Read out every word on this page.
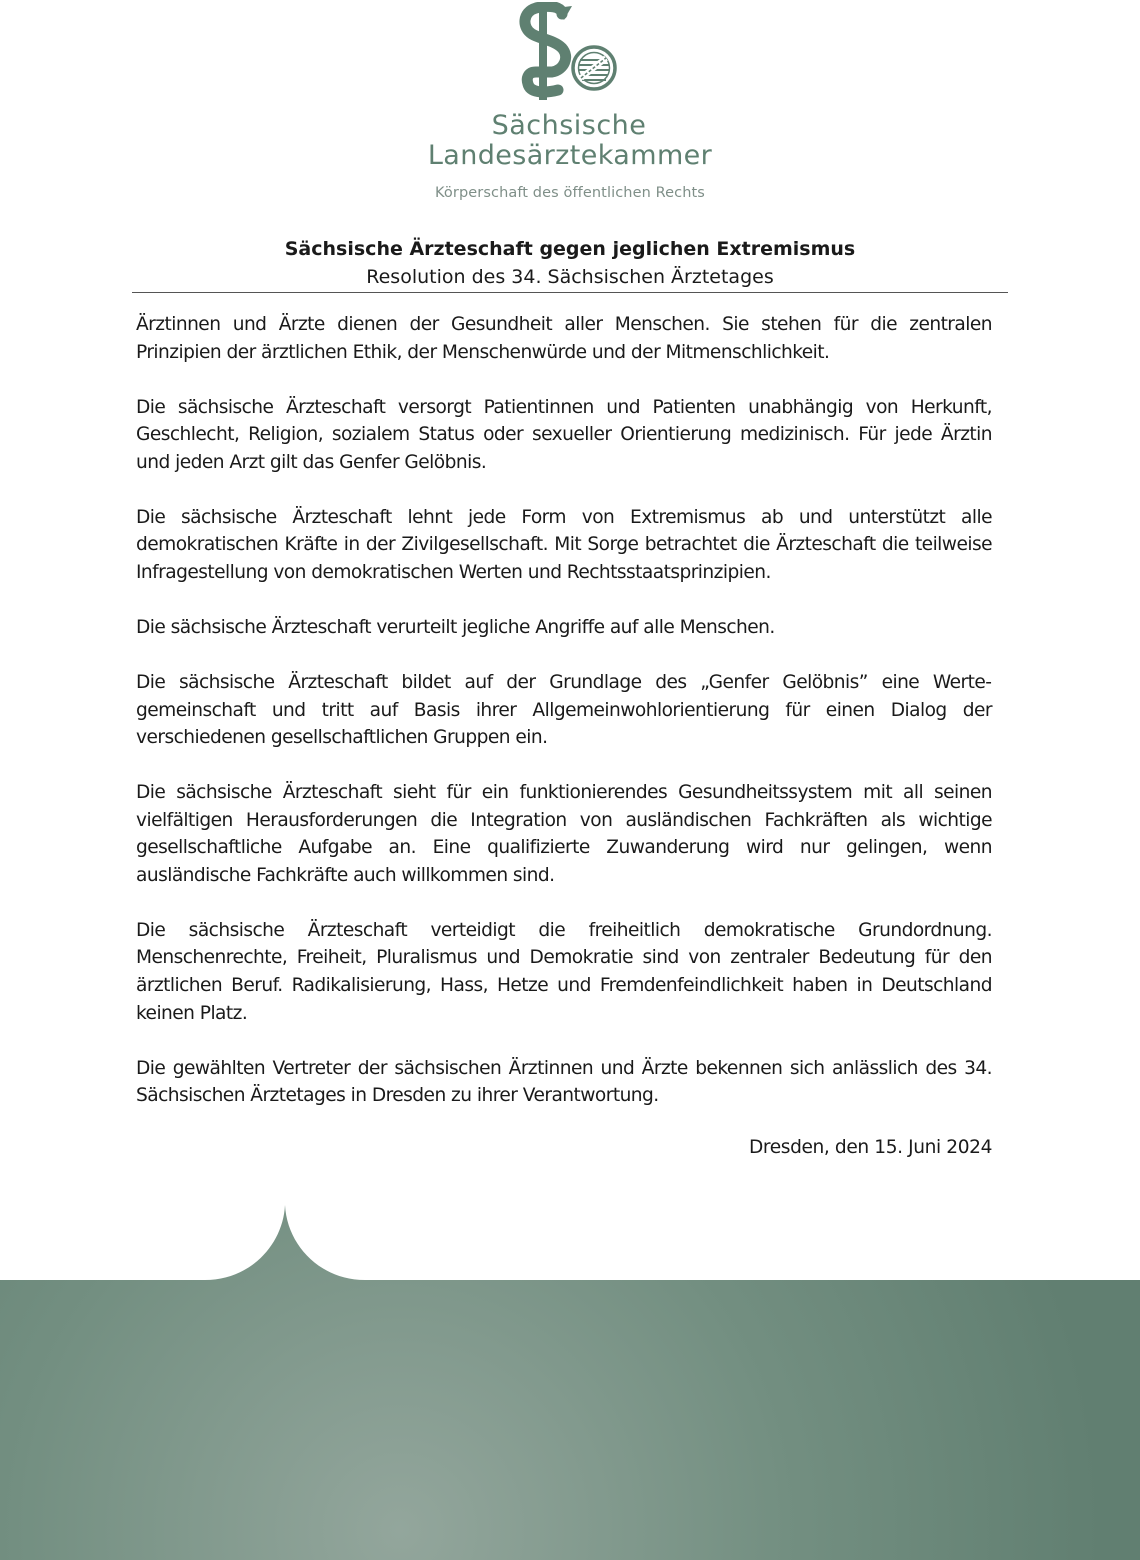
Sächsische
Landesärztekammer
Körperschaft des öffentlichen Rechts
Sächsische Ärzteschaft gegen jeglichen Extremismus
Resolution des 34. Sächsischen Ärztetages

Ärztinnen und Ärzte dienen der Gesundheit aller Menschen. Sie stehen für die zentralen Prinzipien der ärztlichen Ethik, der Menschenwürde und der Mitmenschlichkeit.

Die sächsische Ärzteschaft versorgt Patientinnen und Patienten unabhängig von Herkunft, Geschlecht, Religion, sozialem Status oder sexueller Orientierung medizinisch. Für jede Ärztin und jeden Arzt gilt das Genfer Gelöbnis.

Die sächsische Ärzteschaft lehnt jede Form von Extremismus ab und unterstützt alle demokratischen Kräfte in der Zivilgesellschaft. Mit Sorge betrachtet die Ärzteschaft die teilweise Infragestellung von demokratischen Werten und Rechtsstaatsprinzipien.

Die sächsische Ärzteschaft verurteilt jegliche Angriffe auf alle Menschen.

Die sächsische Ärzteschaft bildet auf der Grundlage des „Genfer Gelöbnis” eine Wertegemeinschaft und tritt auf Basis ihrer Allgemeinwohlorientierung für einen Dialog der verschiedenen gesellschaftlichen Gruppen ein.

Die sächsische Ärzteschaft sieht für ein funktionierendes Gesundheitssystem mit all seinen vielfältigen Herausforderungen die Integration von ausländischen Fachkräften als wichtige gesellschaftliche Aufgabe an. Eine qualifizierte Zuwanderung wird nur gelingen, wenn ausländische Fachkräfte auch willkommen sind.

Die sächsische Ärzteschaft verteidigt die freiheitlich demokratische Grundordnung. Menschenrechte, Freiheit, Pluralismus und Demokratie sind von zentraler Bedeutung für den ärztlichen Beruf. Radikalisierung, Hass, Hetze und Fremdenfeindlichkeit haben in Deutschland keinen Platz.

Die gewählten Vertreter der sächsischen Ärztinnen und Ärzte bekennen sich anlässlich des 34. Sächsischen Ärztetages in Dresden zu ihrer Verantwortung.

Dresden, den 15. Juni 2024
